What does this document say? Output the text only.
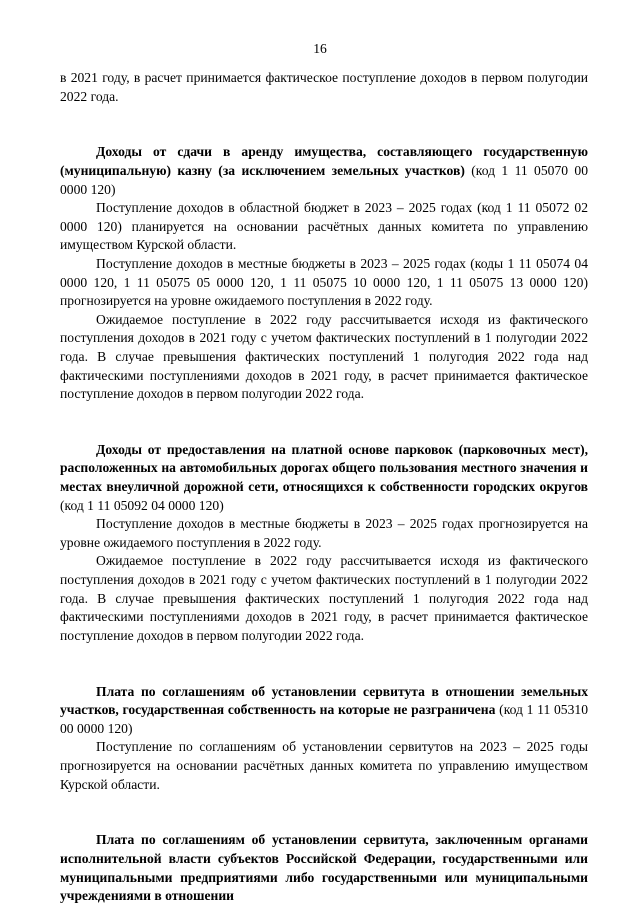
16

в 2021 году, в расчет принимается фактическое поступление доходов в первом полугодии 2022 года.

Доходы от сдачи в аренду имущества, составляющего государственную (муниципальную) казну (за исключением земельных участков) (код 1 11 05070 00 0000 120)

Поступление доходов в областной бюджет в 2023 – 2025 годах (код 1 11 05072 02 0000 120) планируется на основании расчётных данных комитета по управлению имуществом Курской области.

Поступление доходов в местные бюджеты в 2023 – 2025 годах (коды 1 11 05074 04 0000 120, 1 11 05075 05 0000 120, 1 11 05075 10 0000 120, 1 11 05075 13 0000 120) прогнозируется на уровне ожидаемого поступления в 2022 году.

Ожидаемое поступление в 2022 году рассчитывается исходя из фактического поступления доходов в 2021 году с учетом фактических поступлений в 1 полугодии 2022 года. В случае превышения фактических поступлений 1 полугодия 2022 года над фактическими поступлениями доходов в 2021 году, в расчет принимается фактическое поступление доходов в первом полугодии 2022 года.

Доходы от предоставления на платной основе парковок (парковочных мест), расположенных на автомобильных дорогах общего пользования местного значения и местах внеуличной дорожной сети, относящихся к собственности городских округов (код 1 11 05092 04 0000 120)

Поступление доходов в местные бюджеты в 2023 – 2025 годах прогнозируется на уровне ожидаемого поступления в 2022 году.

Ожидаемое поступление в 2022 году рассчитывается исходя из фактического поступления доходов в 2021 году с учетом фактических поступлений в 1 полугодии 2022 года. В случае превышения фактических поступлений 1 полугодия 2022 года над фактическими поступлениями доходов в 2021 году, в расчет принимается фактическое поступление доходов в первом полугодии 2022 года.

Плата по соглашениям об установлении сервитута в отношении земельных участков, государственная собственность на которые не разграничена (код 1 11 05310 00 0000 120)

Поступление по соглашениям об установлении сервитутов на 2023 – 2025 годы прогнозируется на основании расчётных данных комитета по управлению имуществом Курской области.

Плата по соглашениям об установлении сервитута, заключенным органами исполнительной власти субъектов Российской Федерации, государственными или муниципальными предприятиями либо государственными или муниципальными учреждениями в отношении
